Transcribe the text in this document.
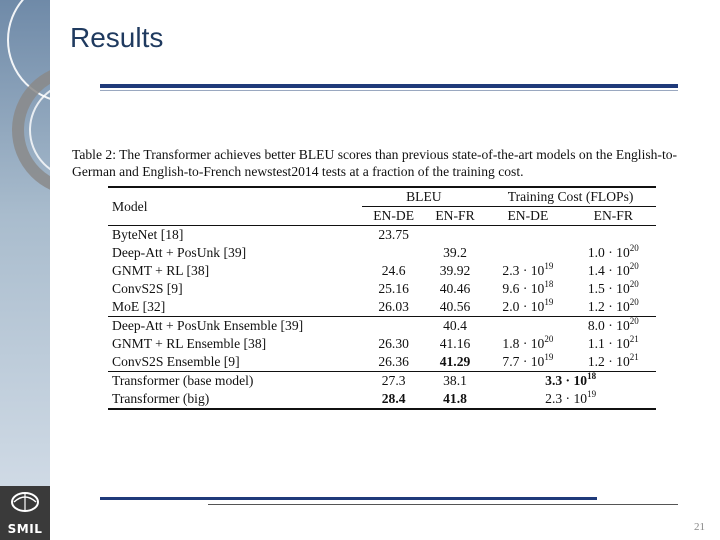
SMIL
Results
Table 2: The Transformer achieves better BLEU scores than previous state-of-the-art models on the English-to-German and English-to-French newstest2014 tests at a fraction of the training cost.
Model	BLEU		Training Cost (FLOPs)	
	EN-DE	EN-FR	EN-DE	EN-FR
ByteNet [18]	23.75			
Deep-Att + PosUnk [39]		39.2		$1.0 \cdot 10^{20}$
GNMT + RL [38]	24.6	39.92	$2.3 \cdot 10^{19}$	$1.4 \cdot 10^{20}$
ConvS2S [9]	25.16	40.46	$9.6 \cdot 10^{18}$	$1.5 \cdot 10^{20}$
MoE [32]	26.03	40.56	$2.0 \cdot 10^{19}$	$1.2 \cdot 10^{20}$
Deep-Att + PosUnk Ensemble [39]		40.4		$8.0 \cdot 10^{20}$
GNMT + RL Ensemble [38]	26.30	41.16	$1.8 \cdot 10^{20}$	$1.1 \cdot 10^{21}$
ConvS2S Ensemble [9]	26.36	41.29	$7.7 \cdot 10^{19}$	$1.2 \cdot 10^{21}$
Transformer (base model)	27.3	38.1	$3.3 \cdot 10^{18}$
Transformer (big)	28.4	41.8	$2.3 \cdot 10^{19}$
21
